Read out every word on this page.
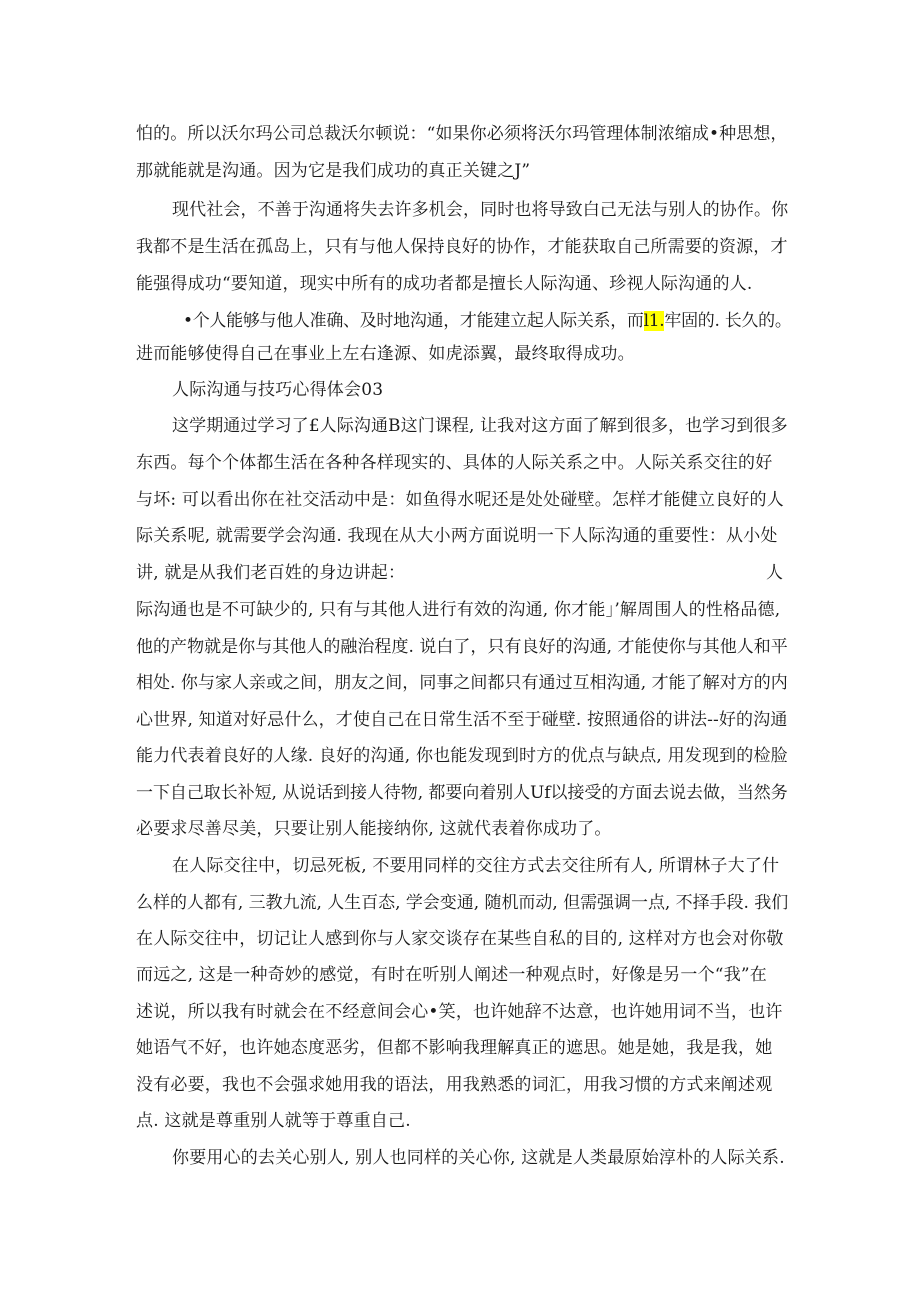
怕的。所以沃尔玛公司总裁沃尔顿说：“如果你必须将沃尔玛管理体制浓缩成•种思想，
那就能就是沟通。因为它是我们成功的真正关键之J”
现代社会，不善于沟通将失去许多机会，同时也将导致白己无法与别人的协作。你
我都不是生活在孤岛上，只有与他人保持良好的协作，才能获取自己所需要的资源，才
能强得成功“要知道，现实中所有的成功者都是擅长人际沟通、珍视人际沟通的人.
•个人能够与他人准确、及时地沟通，才能建立起人际关系，而l1.牢固的. 长久的。
进而能够使得自己在事业上左右逢源、如虎添翼，最终取得成功。
人际沟通与技巧心得体会03
这学期通过学习了£人际沟通B这门课程, 让我对这方面了解到很多，也学习到很多
东西。每个个体都生活在各种各样现实的、具体的人际关系之中。人际关系交往的好
与坏: 可以看出你在社交活动中是：如鱼得水呢还是处处碰壁。怎样才能健立良好的人
际关系呢, 就需要学会沟通. 我现在从大小两方面说明一下人际沟通的重要性：从小处
讲, 就是从我们老百姓的身边讲起：	人
际沟通也是不可缺少的, 只有与其他人进行有效的沟通, 你才能」’解周围人的性格品德,
他的产物就是你与其他人的融治程度. 说白了，只有良好的沟通, 才能使你与其他人和平
相处. 你与家人亲或之间，朋友之间，同事之间都只有通过互相沟通, 才能了解对方的内
心世界, 知道对好忌什么，才使自己在日常生活不至于碰壁. 按照通俗的讲法--好的沟通
能力代表着良好的人缘. 良好的沟通, 你也能发现到时方的优点与缺点, 用发现到的检脸
一下自己取长补短, 从说话到接人待物, 都要向着别人Uf以接受的方面去说去做，当然务
必要求尽善尽美，只要让别人能接纳你, 这就代表着你成功了。
在人际交往中，切忌死板, 不要用同样的交往方式去交往所有人, 所谓林子大了什
么样的人都有, 三教九流, 人生百态, 学会变通, 随机而动, 但需强调一点, 不择手段. 我们
在人际交往中，切记让人感到你与人家交谈存在某些自私的目的, 这样对方也会对你敬
而远之, 这是一种奇妙的感觉，有时在听别人阐述一种观点时，好像是另一个“我”在
述说，所以我有时就会在不经意间会心•笑，也许她辞不达意，也许她用词不当，也许
她语气不好，也许她态度恶劣，但都不影响我理解真正的遮思。她是她，我是我，她
没有必要，我也不会强求她用我的语法，用我熟悉的词汇，用我习惯的方式来阐述观
点. 这就是尊重别人就等于尊重自己.
你要用心的去关心别人, 别人也同样的关心你, 这就是人类最原始淳朴的人际关系.
